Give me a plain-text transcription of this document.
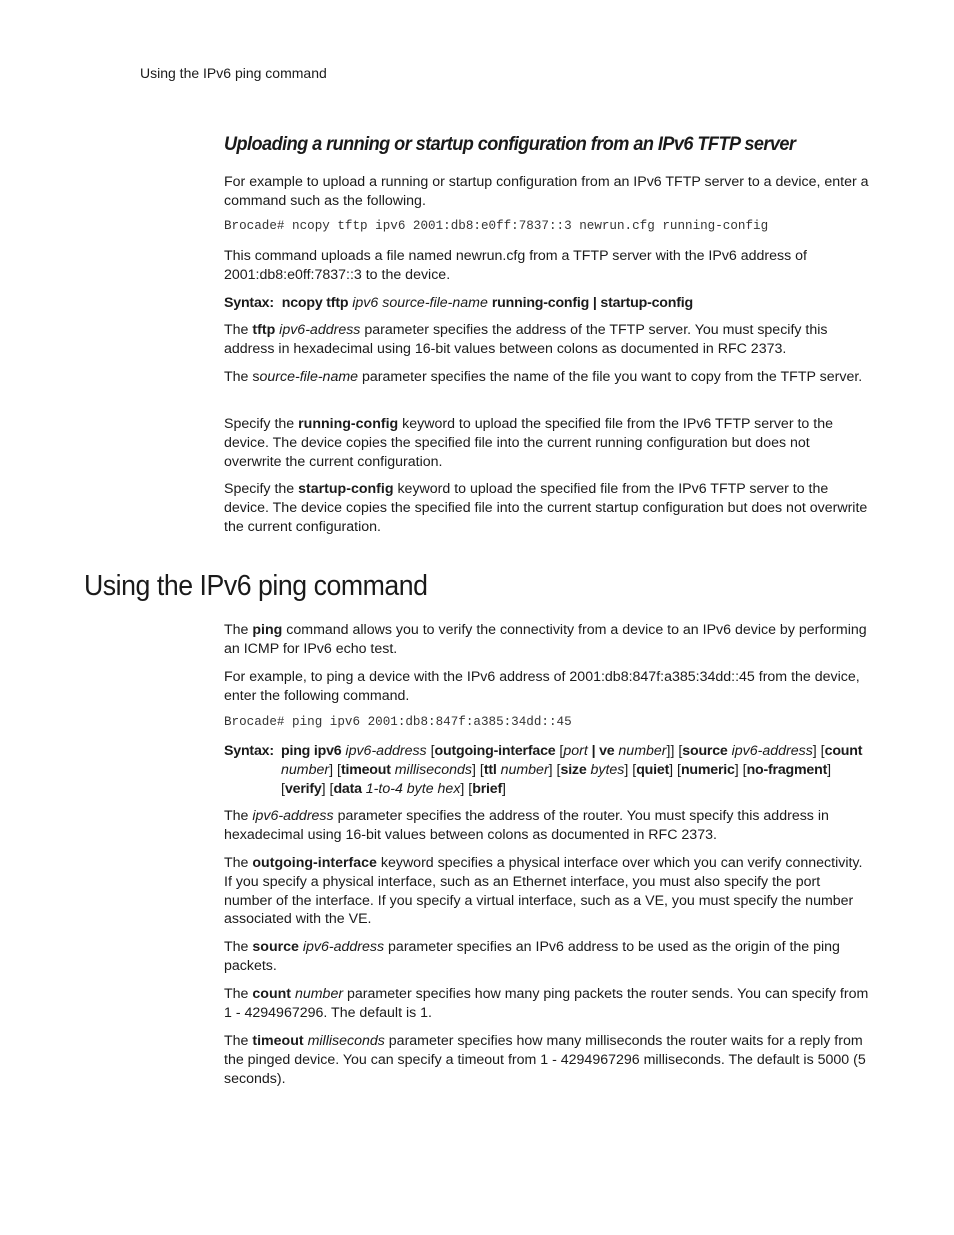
Using the IPv6 ping command
Uploading a running or startup configuration from an IPv6 TFTP server
For example to upload a running or startup configuration from an IPv6 TFTP server to a device, enter a command such as the following.
Brocade# ncopy tftp ipv6 2001:db8:e0ff:7837::3 newrun.cfg running-config
This command uploads a file named newrun.cfg from a TFTP server with the IPv6 address of 2001:db8:e0ff:7837::3 to the device.
Syntax: ncopy tftp ipv6 source-file-name running-config | startup-config
The tftp ipv6-address parameter specifies the address of the TFTP server. You must specify this address in hexadecimal using 16-bit values between colons as documented in RFC 2373.
The source-file-name parameter specifies the name of the file you want to copy from the TFTP server.
Specify the running-config keyword to upload the specified file from the IPv6 TFTP server to the device. The device copies the specified file into the current running configuration but does not overwrite the current configuration.
Specify the startup-config keyword to upload the specified file from the IPv6 TFTP server to the device. The device copies the specified file into the current startup configuration but does not overwrite the current configuration.
Using the IPv6 ping command
The ping command allows you to verify the connectivity from a device to an IPv6 device by performing an ICMP for IPv6 echo test.
For example, to ping a device with the IPv6 address of 2001:db8:847f:a385:34dd::45 from the device, enter the following command.
Brocade# ping ipv6 2001:db8:847f:a385:34dd::45
Syntax: ping ipv6 ipv6-address [outgoing-interface [port | ve number]] [source ipv6-address] [count number] [timeout milliseconds] [ttl number] [size bytes] [quiet] [numeric] [no-fragment] [verify] [data 1-to-4 byte hex] [brief]
The ipv6-address parameter specifies the address of the router. You must specify this address in hexadecimal using 16-bit values between colons as documented in RFC 2373.
The outgoing-interface keyword specifies a physical interface over which you can verify connectivity. If you specify a physical interface, such as an Ethernet interface, you must also specify the port number of the interface. If you specify a virtual interface, such as a VE, you must specify the number associated with the VE.
The source ipv6-address parameter specifies an IPv6 address to be used as the origin of the ping packets.
The count number parameter specifies how many ping packets the router sends. You can specify from 1 - 4294967296. The default is 1.
The timeout milliseconds parameter specifies how many milliseconds the router waits for a reply from the pinged device. You can specify a timeout from 1 - 4294967296 milliseconds. The default is 5000 (5 seconds).
